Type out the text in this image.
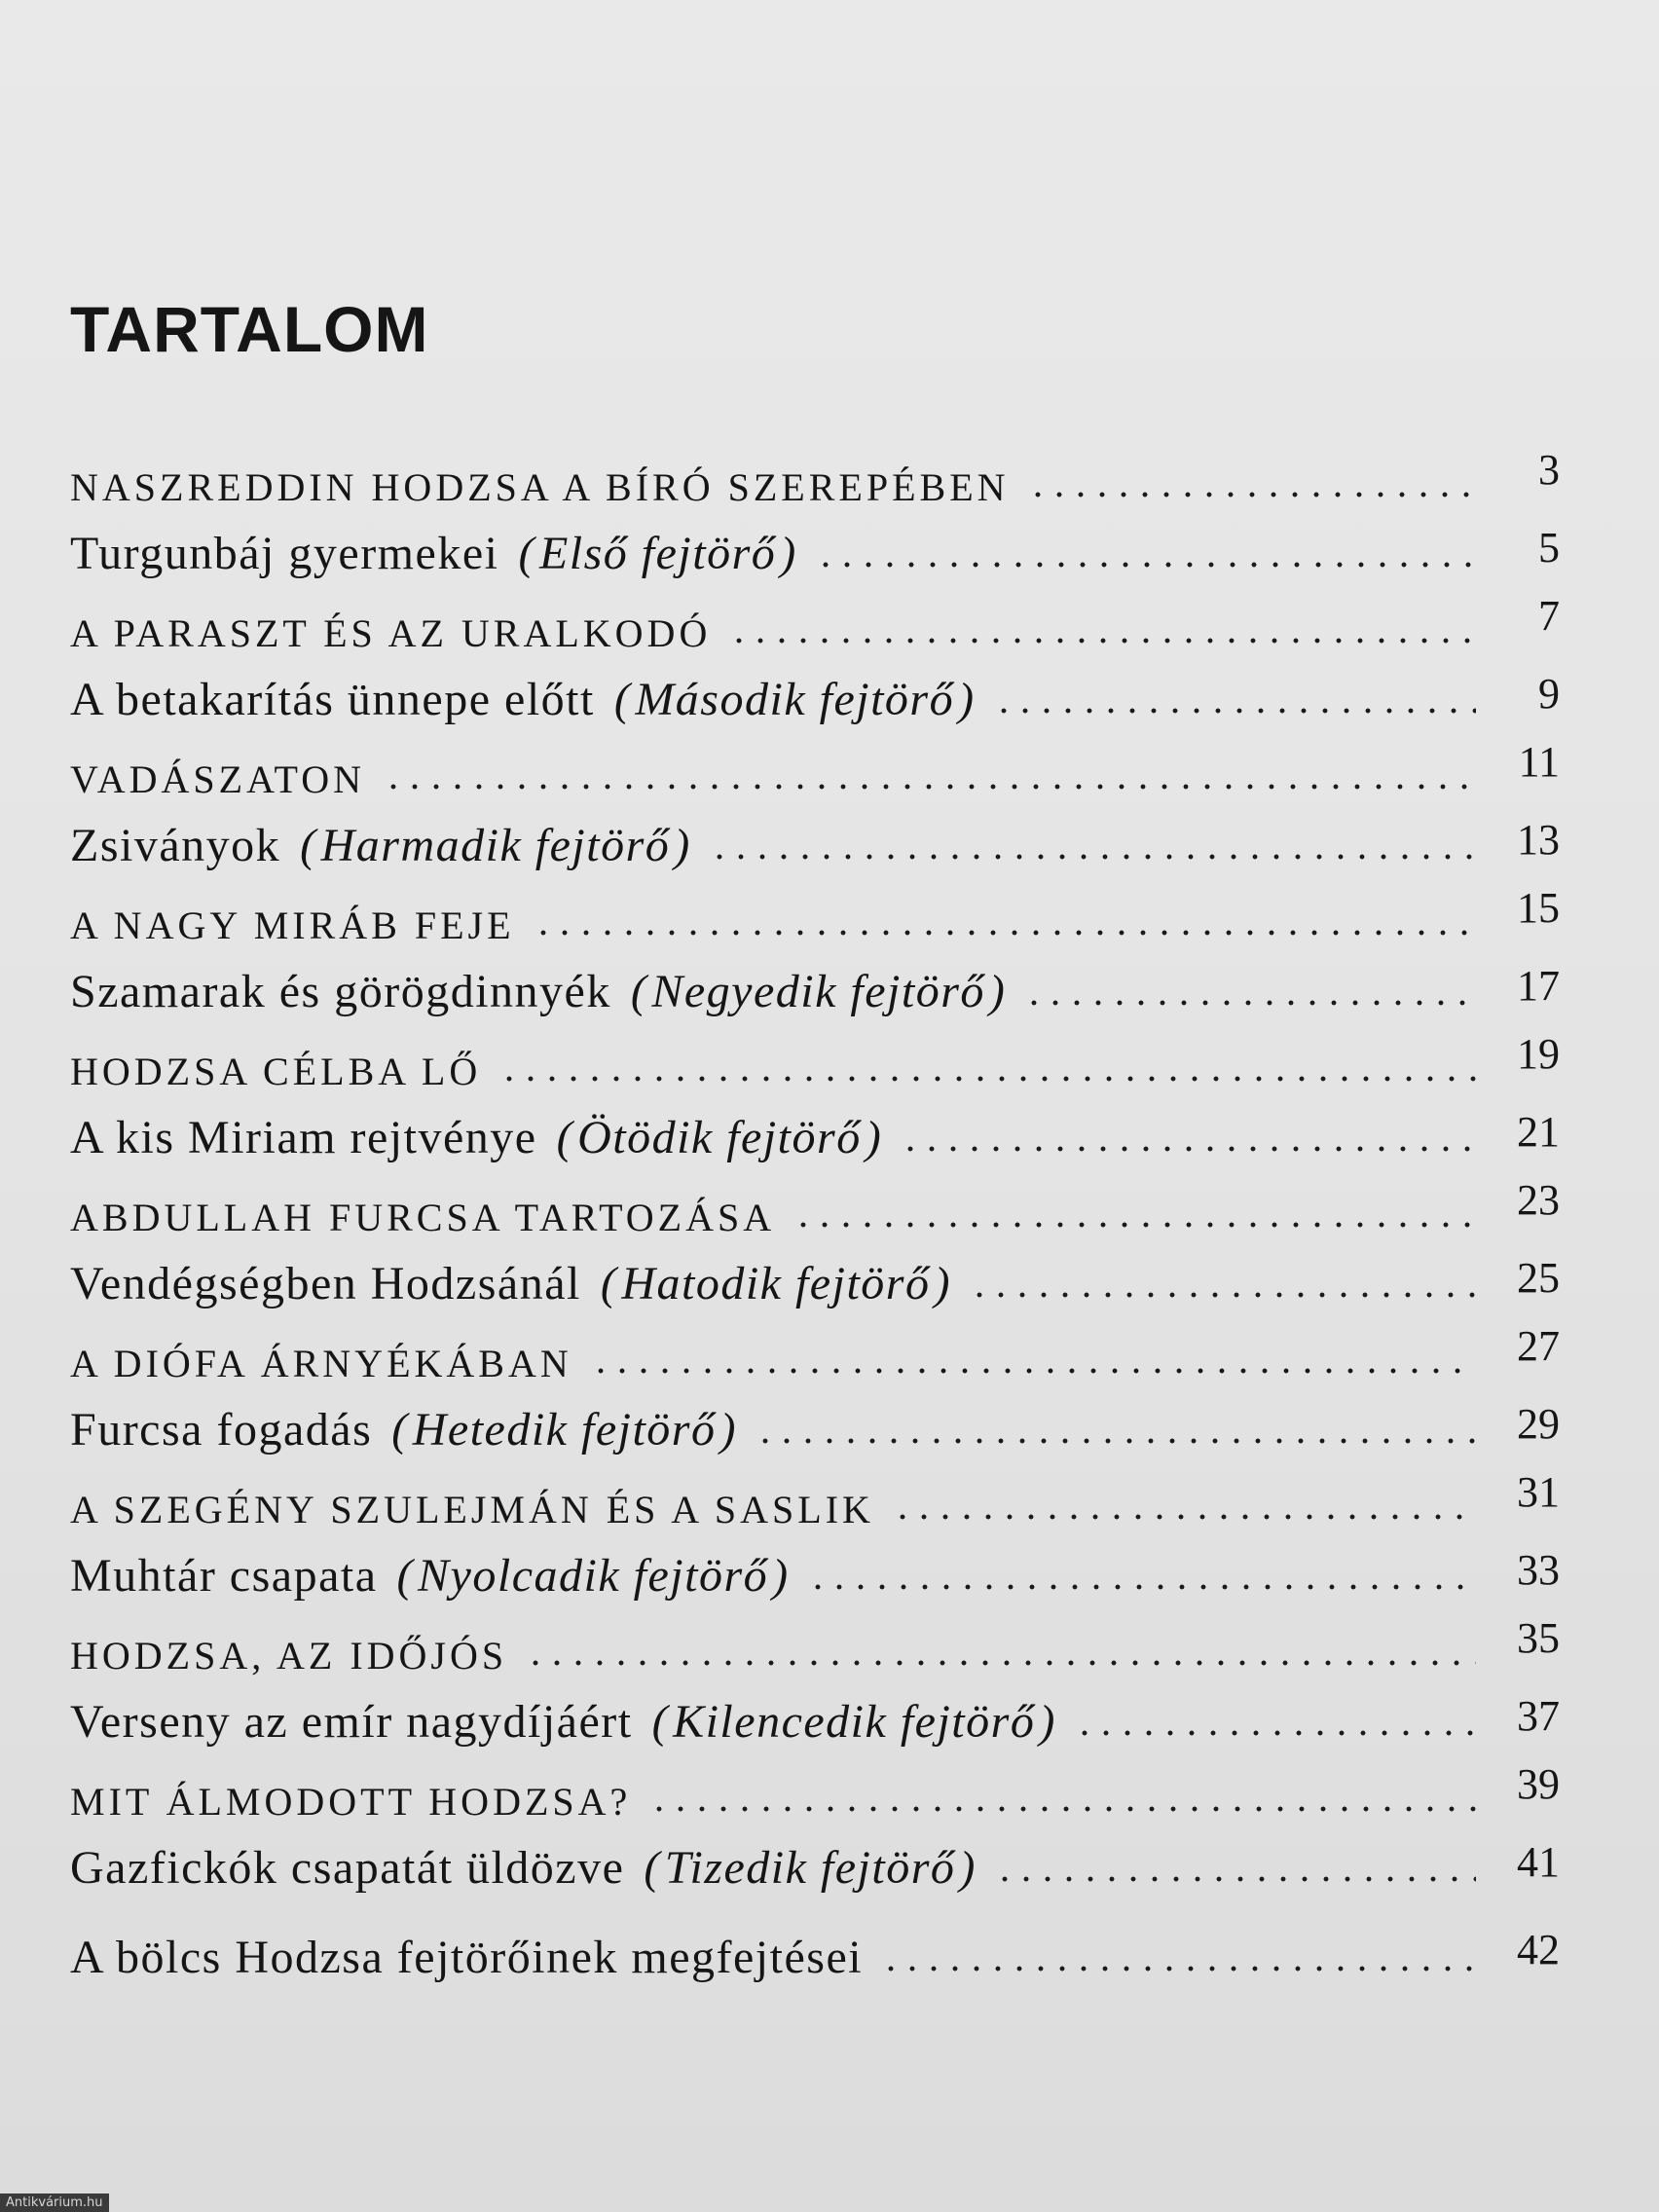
TARTALOM
NASZREDDIN HODZSA A BÍRÓ SZEREPÉBEN	3
Turgunbáj gyermekei ( Első fejtörő )	5
A PARASZT ÉS AZ URALKODÓ	7
A betakarítás ünnepe előtt ( Második fejtörő )	9
VADÁSZATON	11
Zsiványok ( Harmadik fejtörő )	13
A NAGY MIRÁB FEJE	15
Szamarak és görögdinnyék ( Negyedik fejtörő )	17
HODZSA CÉLBA LŐ	19
A kis Miriam rejtvénye ( Ötödik fejtörő )	21
ABDULLAH FURCSA TARTOZÁSA	23
Vendégségben Hodzsánál ( Hatodik fejtörő )	25
A DIÓFA ÁRNYÉKÁBAN	27
Furcsa fogadás ( Hetedik fejtörő )	29
A SZEGÉNY SZULEJMÁN ÉS A SASLIK	31
Muhtár csapata ( Nyolcadik fejtörő )	33
HODZSA, AZ IDŐJÓS	35
Verseny az emír nagydíjáért ( Kilencedik fejtörő )	37
MIT ÁLMODOTT HODZSA?	39
Gazfickók csapatát üldözve ( Tizedik fejtörő )	41
A bölcs Hodzsa fejtörőinek megfejtései	42
Antikvárium.hu
